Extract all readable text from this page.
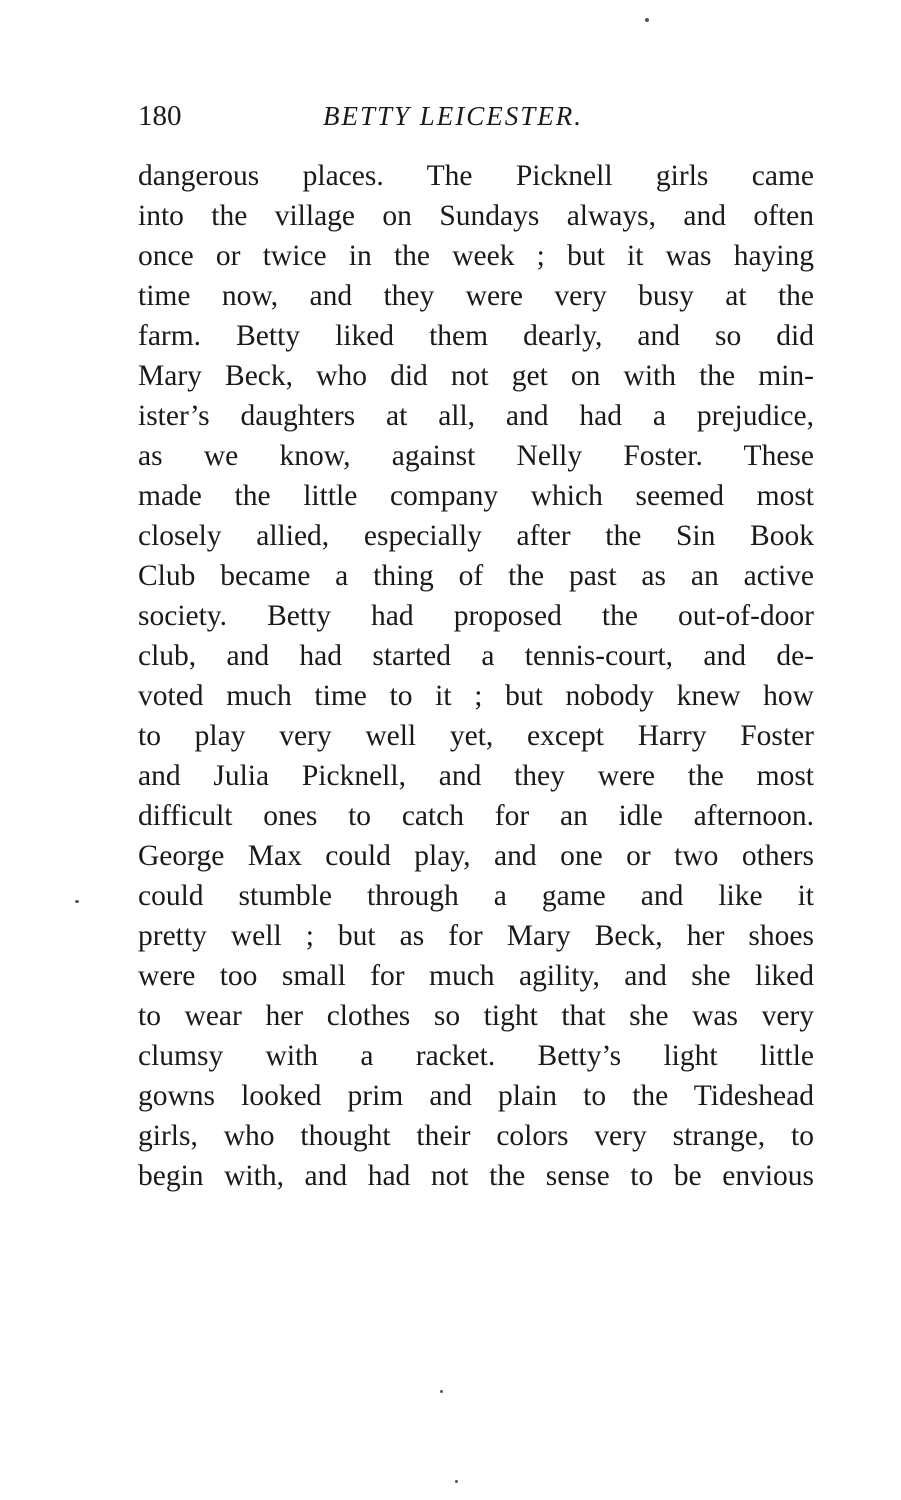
180	BETTY LEICESTER.
dangerous places. The Picknell girls came
into the village on Sundays always, and often
once or twice in the week ; but it was haying
time now, and they were very busy at the
farm. Betty liked them dearly, and so did
Mary Beck, who did not get on with the min-
ister’s daughters at all, and had a prejudice,
as we know, against Nelly Foster. These
made the little company which seemed most
closely allied, especially after the Sin Book
Club became a thing of the past as an active
society. Betty had proposed the out-of-door
club, and had started a tennis-court, and de-
voted much time to it ; but nobody knew how
to play very well yet, except Harry Foster
and Julia Picknell, and they were the most
difficult ones to catch for an idle afternoon.
George Max could play, and one or two others
could stumble through a game and like it
pretty well ; but as for Mary Beck, her shoes
were too small for much agility, and she liked
to wear her clothes so tight that she was very
clumsy with a racket. Betty’s light little
gowns looked prim and plain to the Tideshead
girls, who thought their colors very strange, to
begin with, and had not the sense to be envious
